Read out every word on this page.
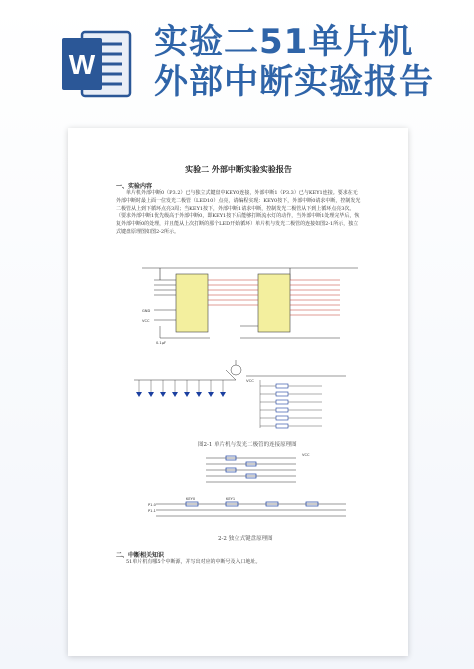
W
实验二51单片机
外部中断实验报告
实验二 外部中断实验实验报告
一、实验内容

单片机外部中断0（P3.2）已与独立式键盘中KEY0连接，外部中断1（P3.3）已与KEY1连接。要求在无外部中断时最上面一位发光二极管（LED10）点亮，请编程实现：KEY0按下，外部中断0请求中断，控制发光二极管从上到下循环点亮3周；当KEY1按下，外部中断1请求中断，控制发光二极管从下到上循环点亮3次。（要求外部中断1优先级高于外部中断0，即KEY1按下后能够打断流水灯的动作，当外部中断1处理完毕后，恢复外部中断0的处理，并且能从上次打断的那个LED开始循环）单片机与发光二极管的连接如图2-1所示，独立式键盘原理图如图2-2所示。

GND
VCC
0.1μF
VCC
图2-1 单片机与发光二极管的连接原理图
P1.0
P1.1
KEY0	KEY1
VCC
2-2 独立式键盘原理图
二、中断相关知识

51单片机有哪5个中断源，并写出对应的中断号及入口地址。
